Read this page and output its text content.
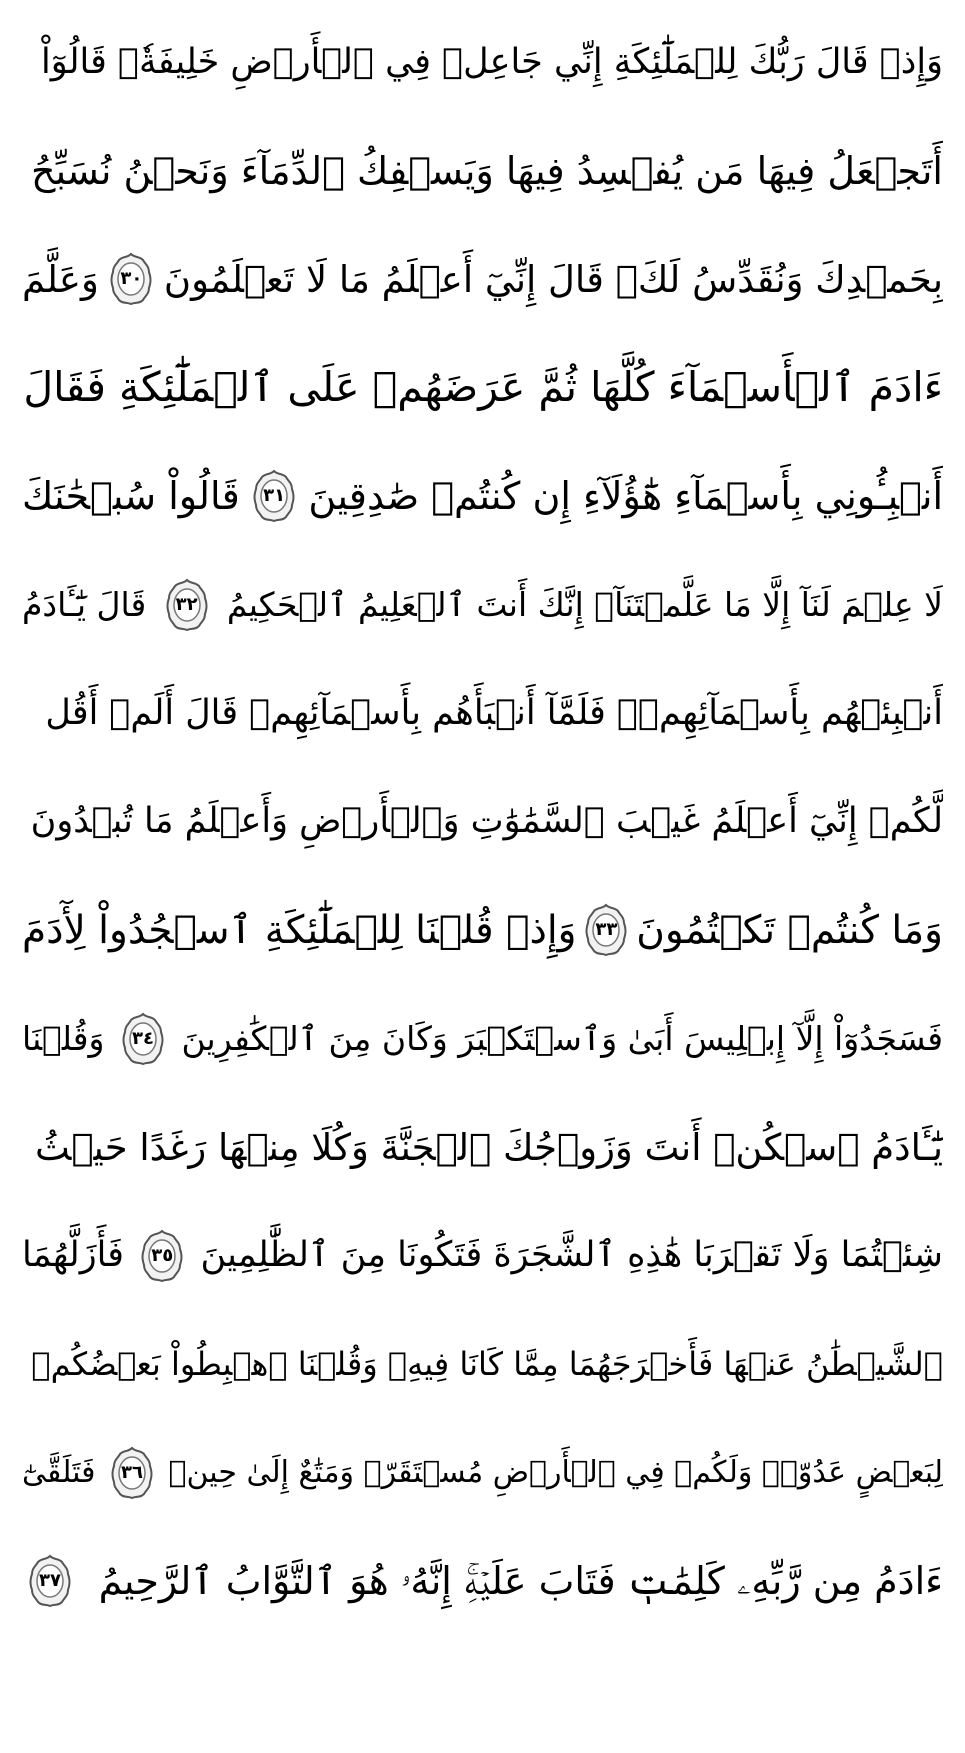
وَإِذۡ قَالَ رَبُّكَ لِلۡمَلَٰٓئِكَةِ إِنِّي جَاعِلٞ فِي ٱلۡأَرۡضِ خَلِيفَةٗۖ قَالُوٓاْ
أَتَجۡعَلُ فِيهَا مَن يُفۡسِدُ فِيهَا وَيَسۡفِكُ ٱلدِّمَآءَ وَنَحۡنُ نُسَبِّحُ
بِحَمۡدِكَ وَنُقَدِّسُ لَكَۖ قَالَ إِنِّيٓ أَعۡلَمُ مَا لَا تَعۡلَمُونَ
٣٠
وَعَلَّمَ
ءَادَمَ ٱلۡأَسۡمَآءَ كُلَّهَا ثُمَّ عَرَضَهُمۡ عَلَى ٱلۡمَلَٰٓئِكَةِ فَقَالَ
أَنۢبِـُٔونِي بِأَسۡمَآءِ هَٰٓؤُلَآءِ إِن كُنتُمۡ صَٰدِقِينَ
٣١
قَالُواْ سُبۡحَٰنَكَ
لَا عِلۡمَ لَنَآ إِلَّا مَا عَلَّمۡتَنَآۖ إِنَّكَ أَنتَ ٱلۡعَلِيمُ ٱلۡحَكِيمُ
٣٢
قَالَ يَٰٓـَٔادَمُ
أَنۢبِئۡهُم بِأَسۡمَآئِهِمۡۖ فَلَمَّآ أَنۢبَأَهُم بِأَسۡمَآئِهِمۡ قَالَ أَلَمۡ أَقُل
لَّكُمۡ إِنِّيٓ أَعۡلَمُ غَيۡبَ ٱلسَّمَٰوَٰتِ وَٱلۡأَرۡضِ وَأَعۡلَمُ مَا تُبۡدُونَ
وَمَا كُنتُمۡ تَكۡتُمُونَ
٣٣
وَإِذۡ قُلۡنَا لِلۡمَلَٰٓئِكَةِ ٱسۡجُدُواْ لِأٓدَمَ
فَسَجَدُوٓاْ إِلَّآ إِبۡلِيسَ أَبَىٰ وَٱسۡتَكۡبَرَ وَكَانَ مِنَ ٱلۡكَٰفِرِينَ
٣٤
وَقُلۡنَا
يَٰٓـَٔادَمُ ٱسۡكُنۡ أَنتَ وَزَوۡجُكَ ٱلۡجَنَّةَ وَكُلَا مِنۡهَا رَغَدًا حَيۡثُ
شِئۡتُمَا وَلَا تَقۡرَبَا هَٰذِهِ ٱلشَّجَرَةَ فَتَكُونَا مِنَ ٱلظَّٰلِمِينَ
٣٥
فَأَزَلَّهُمَا
ٱلشَّيۡطَٰنُ عَنۡهَا فَأَخۡرَجَهُمَا مِمَّا كَانَا فِيهِۖ وَقُلۡنَا ٱهۡبِطُواْ بَعۡضُكُمۡ
لِبَعۡضٍ عَدُوّٞۖ وَلَكُمۡ فِي ٱلۡأَرۡضِ مُسۡتَقَرّٞ وَمَتَٰعٌ إِلَىٰ حِينٖ
٣٦
فَتَلَقَّىٰٓ
ءَادَمُ مِن رَّبِّهِۦ كَلِمَٰتٖ فَتَابَ عَلَيۡهِۚ إِنَّهُۥ هُوَ ٱلتَّوَّابُ ٱلرَّحِيمُ
٣٧
